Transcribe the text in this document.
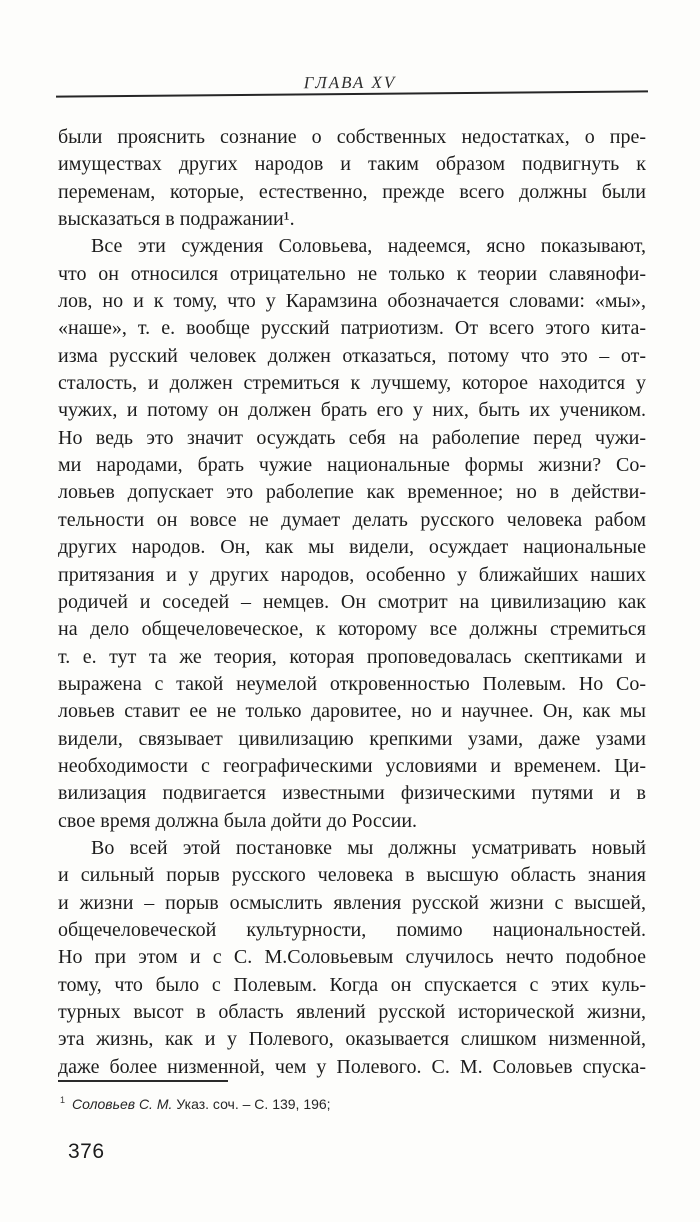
ГЛАВА XV
были прояснить сознание о собственных недостатках, о пре-
имуществах других народов и таким образом подвигнуть к
переменам, которые, естественно, прежде всего должны были
высказаться в подражании¹.
Все эти суждения Соловьева, надеемся, ясно показывают,
что он относился отрицательно не только к теории славянофи-
лов, но и к тому, что у Карамзина обозначается словами: «мы»,
«наше», т. е. вообще русский патриотизм. От всего этого кита-
изма русский человек должен отказаться, потому что это – от-
сталость, и должен стремиться к лучшему, которое находится у
чужих, и потому он должен брать его у них, быть их учеником.
Но ведь это значит осуждать себя на раболепие перед чужи-
ми народами, брать чужие национальные формы жизни? Со-
ловьев допускает это раболепие как временное; но в действи-
тельности он вовсе не думает делать русского человека рабом
других народов. Он, как мы видели, осуждает национальные
притязания и у других народов, особенно у ближайших наших
родичей и соседей – немцев. Он смотрит на цивилизацию как
на дело общечеловеческое, к которому все должны стремиться
т. е. тут та же теория, которая проповедовалась скептиками и
выражена с такой неумелой откровенностью Полевым. Но Со-
ловьев ставит ее не только даровитее, но и научнее. Он, как мы
видели, связывает цивилизацию крепкими узами, даже узами
необходимости с географическими условиями и временем. Ци-
вилизация подвигается известными физическими путями и в
свое время должна была дойти до России.
Во всей этой постановке мы должны усматривать новый
и сильный порыв русского человека в высшую область знания
и жизни – порыв осмыслить явления русской жизни с высшей,
общечеловеческой культурности, помимо национальностей.
Но при этом и с С. М.Соловьевым случилось нечто подобное
тому, что было с Полевым. Когда он спускается с этих куль-
турных высот в область явлений русской исторической жизни,
эта жизнь, как и у Полевого, оказывается слишком низменной,
даже более низменной, чем у Полевого. С. М. Соловьев спуска-
$^1$ Соловьев С. М. Указ. соч. – С. 139, 196;
376
